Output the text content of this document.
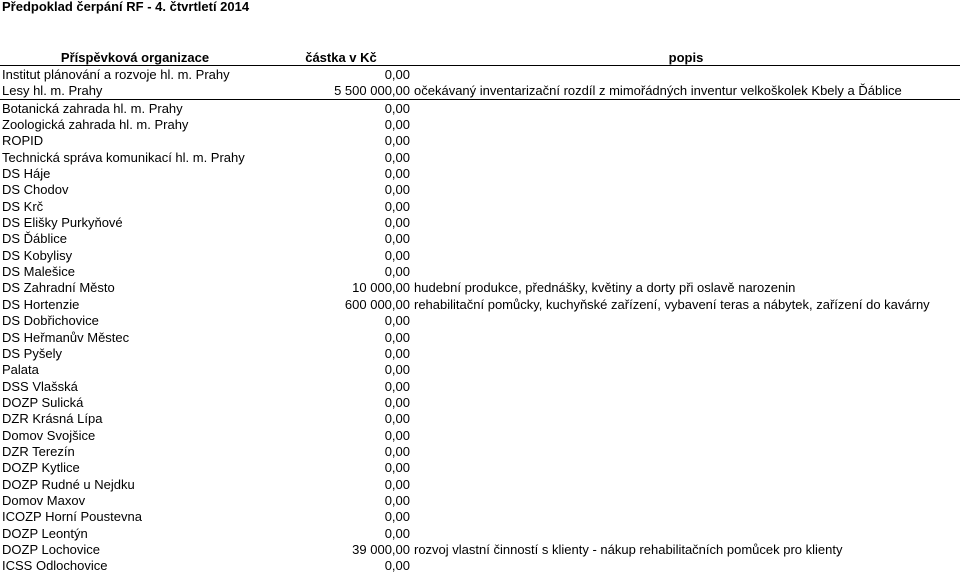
Předpoklad čerpání RF - 4. čtvrtletí 2014
Příspěvková organizace	částka v Kč	popis
Institut plánování a rozvoje hl. m. Prahy	0,00	
Lesy hl. m. Prahy	5 500 000,00	očekávaný inventarizační rozdíl z mimořádných inventur velkoškolek Kbely a Ďáblice
Botanická zahrada hl. m. Prahy	0,00	
Zoologická zahrada hl. m. Prahy	0,00	
ROPID	0,00	
Technická správa komunikací hl. m. Prahy	0,00	
DS Háje	0,00	
DS Chodov	0,00	
DS Krč	0,00	
DS Elišky Purkyňové	0,00	
DS Ďáblice	0,00	
DS Kobylisy	0,00	
DS Malešice	0,00	
DS Zahradní Město	10 000,00	hudební produkce, přednášky, květiny a dorty při oslavě narozenin
DS Hortenzie	600 000,00	rehabilitační pomůcky, kuchyňské zařízení, vybavení teras a nábytek, zařízení do kavárny
DS Dobřichovice	0,00	
DS Heřmanův Městec	0,00	
DS Pyšely	0,00	
Palata	0,00	
DSS Vlašská	0,00	
DOZP Sulická	0,00	
DZR Krásná Lípa	0,00	
Domov Svojšice	0,00	
DZR Terezín	0,00	
DOZP Kytlice	0,00	
DOZP Rudné u Nejdku	0,00	
Domov Maxov	0,00	
ICOZP Horní Poustevna	0,00	
DOZP Leontýn	0,00	
DOZP Lochovice	39 000,00	rozvoj vlastní činností s klienty - nákup rehabilitačních pomůcek pro klienty
ICSS Odlochovice	0,00	
